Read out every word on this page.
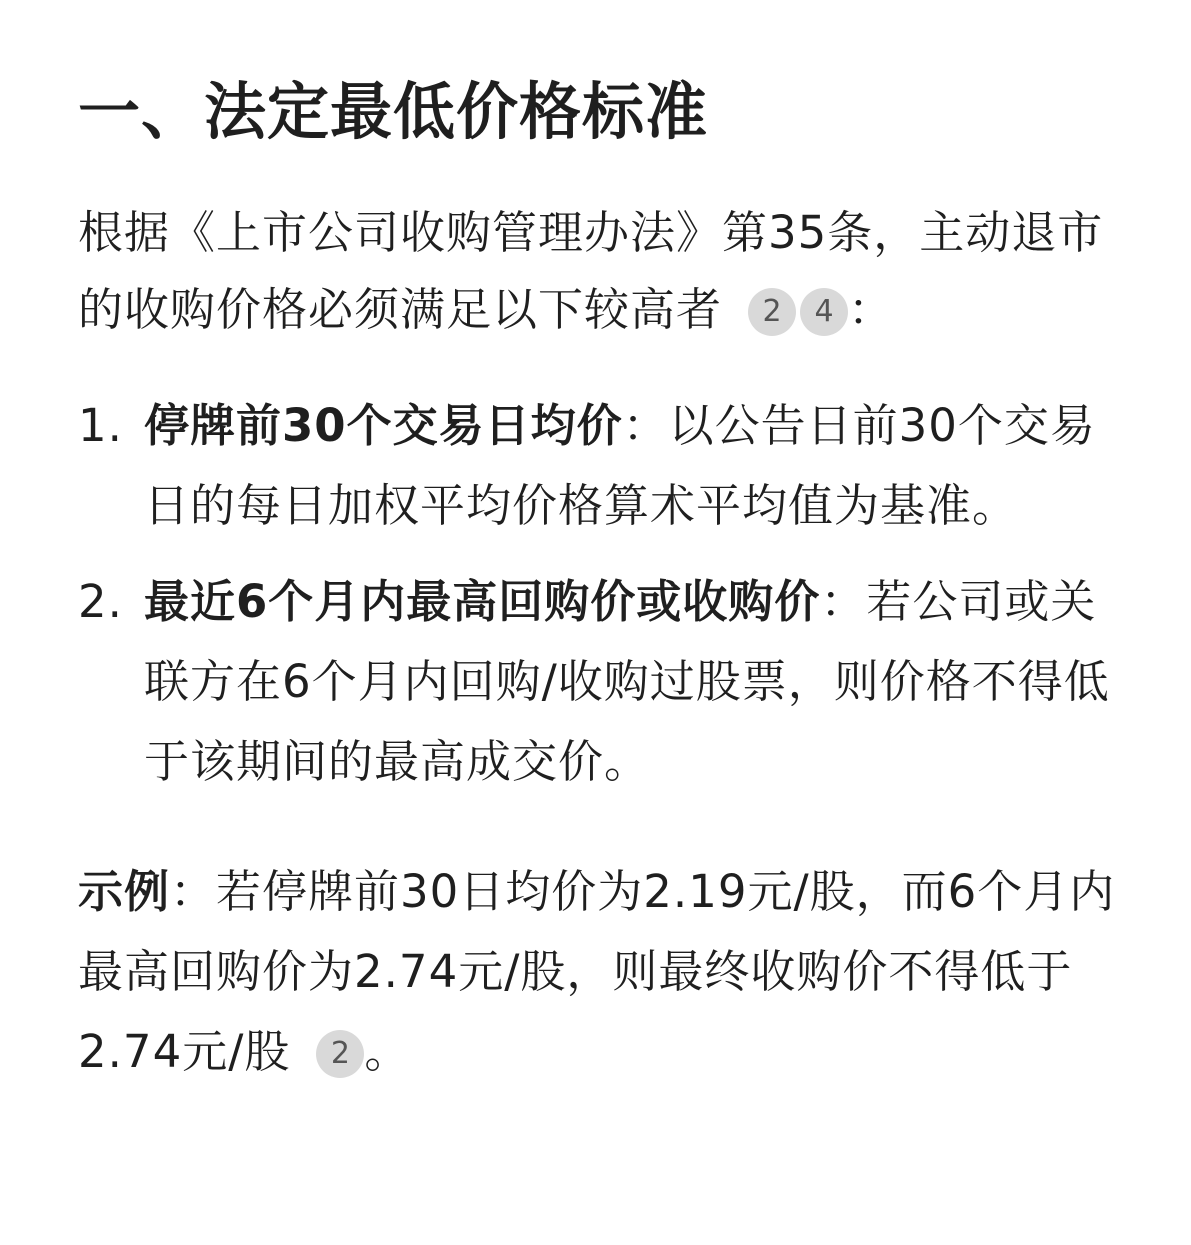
一、法定最低价格标准

根据《上市公司收购管理办法》第35条，主动退市的收购价格必须满足以下较高者 2 4 ：

1. 停牌前30个交易日均价：以公告日前30个交易日的每日加权平均价格算术平均值为基准。
2. 最近6个月内最高回购价或收购价：若公司或关联方在6个月内回购/收购过股票，则价格不得低于该期间的最高成交价。

示例：若停牌前30日均价为2.19元/股，而6个月内最高回购价为2.74元/股，则最终收购价不得低于2.74元/股 2 。
